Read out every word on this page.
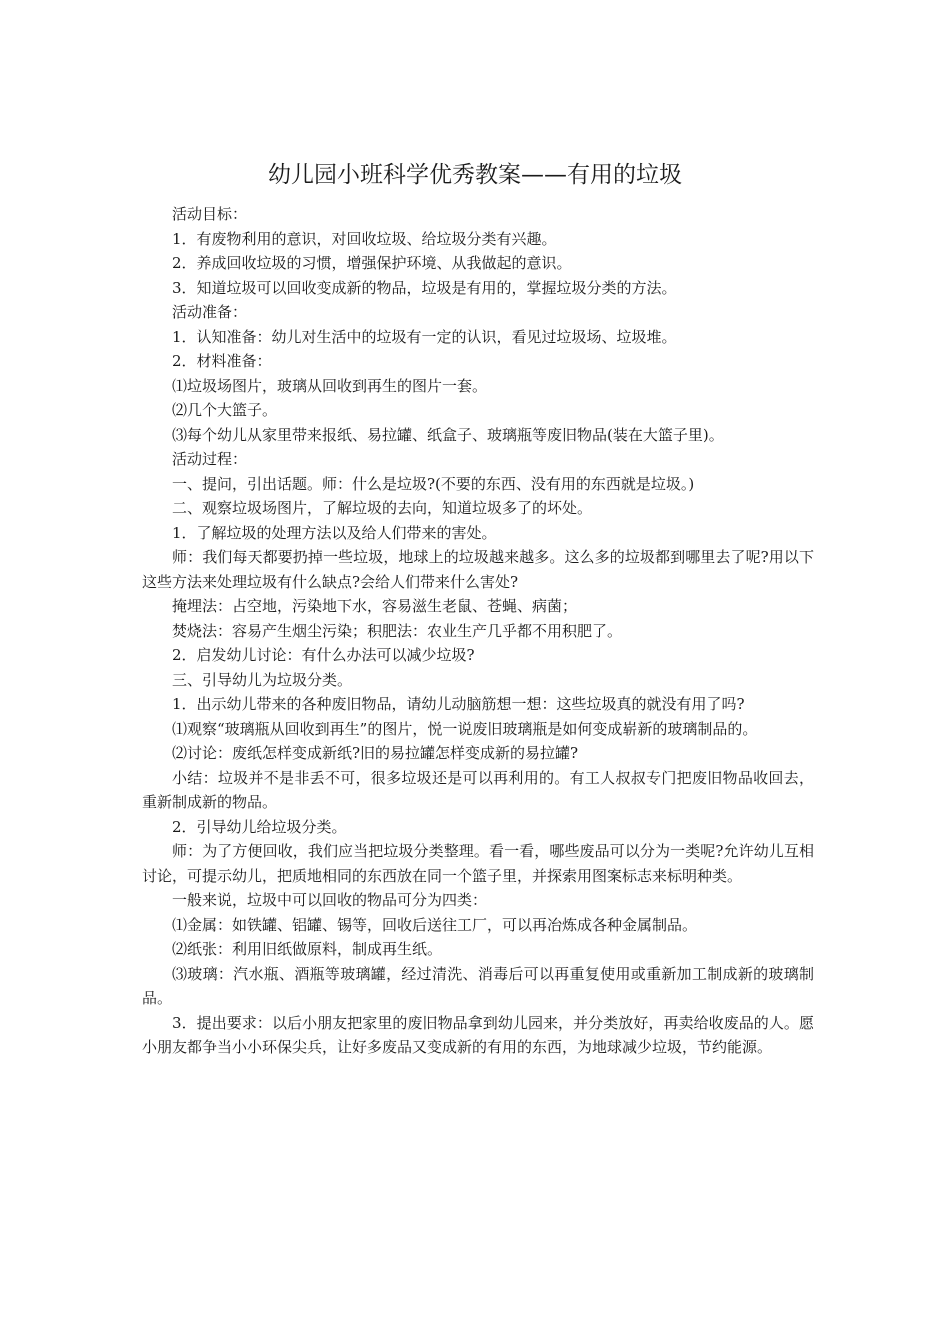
幼儿园小班科学优秀教案——有用的垃圾

活动目标：

1．有废物利用的意识，对回收垃圾、给垃圾分类有兴趣。

2．养成回收垃圾的习惯，增强保护环境、从我做起的意识。

3．知道垃圾可以回收变成新的物品，垃圾是有用的，掌握垃圾分类的方法。

活动准备：

1．认知准备：幼儿对生活中的垃圾有一定的认识，看见过垃圾场、垃圾堆。

2．材料准备：

⑴垃圾场图片，玻璃从回收到再生的图片一套。

⑵几个大篮子。

⑶每个幼儿从家里带来报纸、易拉罐、纸盒子、玻璃瓶等废旧物品(装在大篮子里)。

活动过程：

一、提问，引出话题。师：什么是垃圾?(不要的东西、没有用的东西就是垃圾。)

二、观察垃圾场图片，了解垃圾的去向，知道垃圾多了的坏处。

1．了解垃圾的处理方法以及给人们带来的害处。

师：我们每天都要扔掉一些垃圾，地球上的垃圾越来越多。这么多的垃圾都到哪里去了呢?用以下这些方法来处理垃圾有什么缺点?会给人们带来什么害处?

掩埋法：占空地，污染地下水，容易滋生老鼠、苍蝇、病菌；

焚烧法：容易产生烟尘污染；积肥法：农业生产几乎都不用积肥了。

2．启发幼儿讨论：有什么办法可以减少垃圾?

三、引导幼儿为垃圾分类。

1．出示幼儿带来的各种废旧物品，请幼儿动脑筋想一想：这些垃圾真的就没有用了吗?

⑴观察“玻璃瓶从回收到再生”的图片，悦一说废旧玻璃瓶是如何变成崭新的玻璃制品的。

⑵讨论：废纸怎样变成新纸?旧的易拉罐怎样变成新的易拉罐?

小结：垃圾并不是非丢不可，很多垃圾还是可以再利用的。有工人叔叔专门把废旧物品收回去，重新制成新的物品。

2．引导幼儿给垃圾分类。

师：为了方便回收，我们应当把垃圾分类整理。看一看，哪些废品可以分为一类呢?允许幼儿互相讨论，可提示幼儿，把质地相同的东西放在同一个篮子里，并探索用图案标志来标明种类。

一般来说，垃圾中可以回收的物品可分为四类：

⑴金属：如铁罐、铝罐、锡等，回收后送往工厂，可以再冶炼成各种金属制品。

⑵纸张：利用旧纸做原料，制成再生纸。

⑶玻璃：汽水瓶、酒瓶等玻璃罐，经过清洗、消毒后可以再重复使用或重新加工制成新的玻璃制品。

3．提出要求：以后小朋友把家里的废旧物品拿到幼儿园来，并分类放好，再卖给收废品的人。愿小朋友都争当小小环保尖兵，让好多废品又变成新的有用的东西，为地球减少垃圾，节约能源。
